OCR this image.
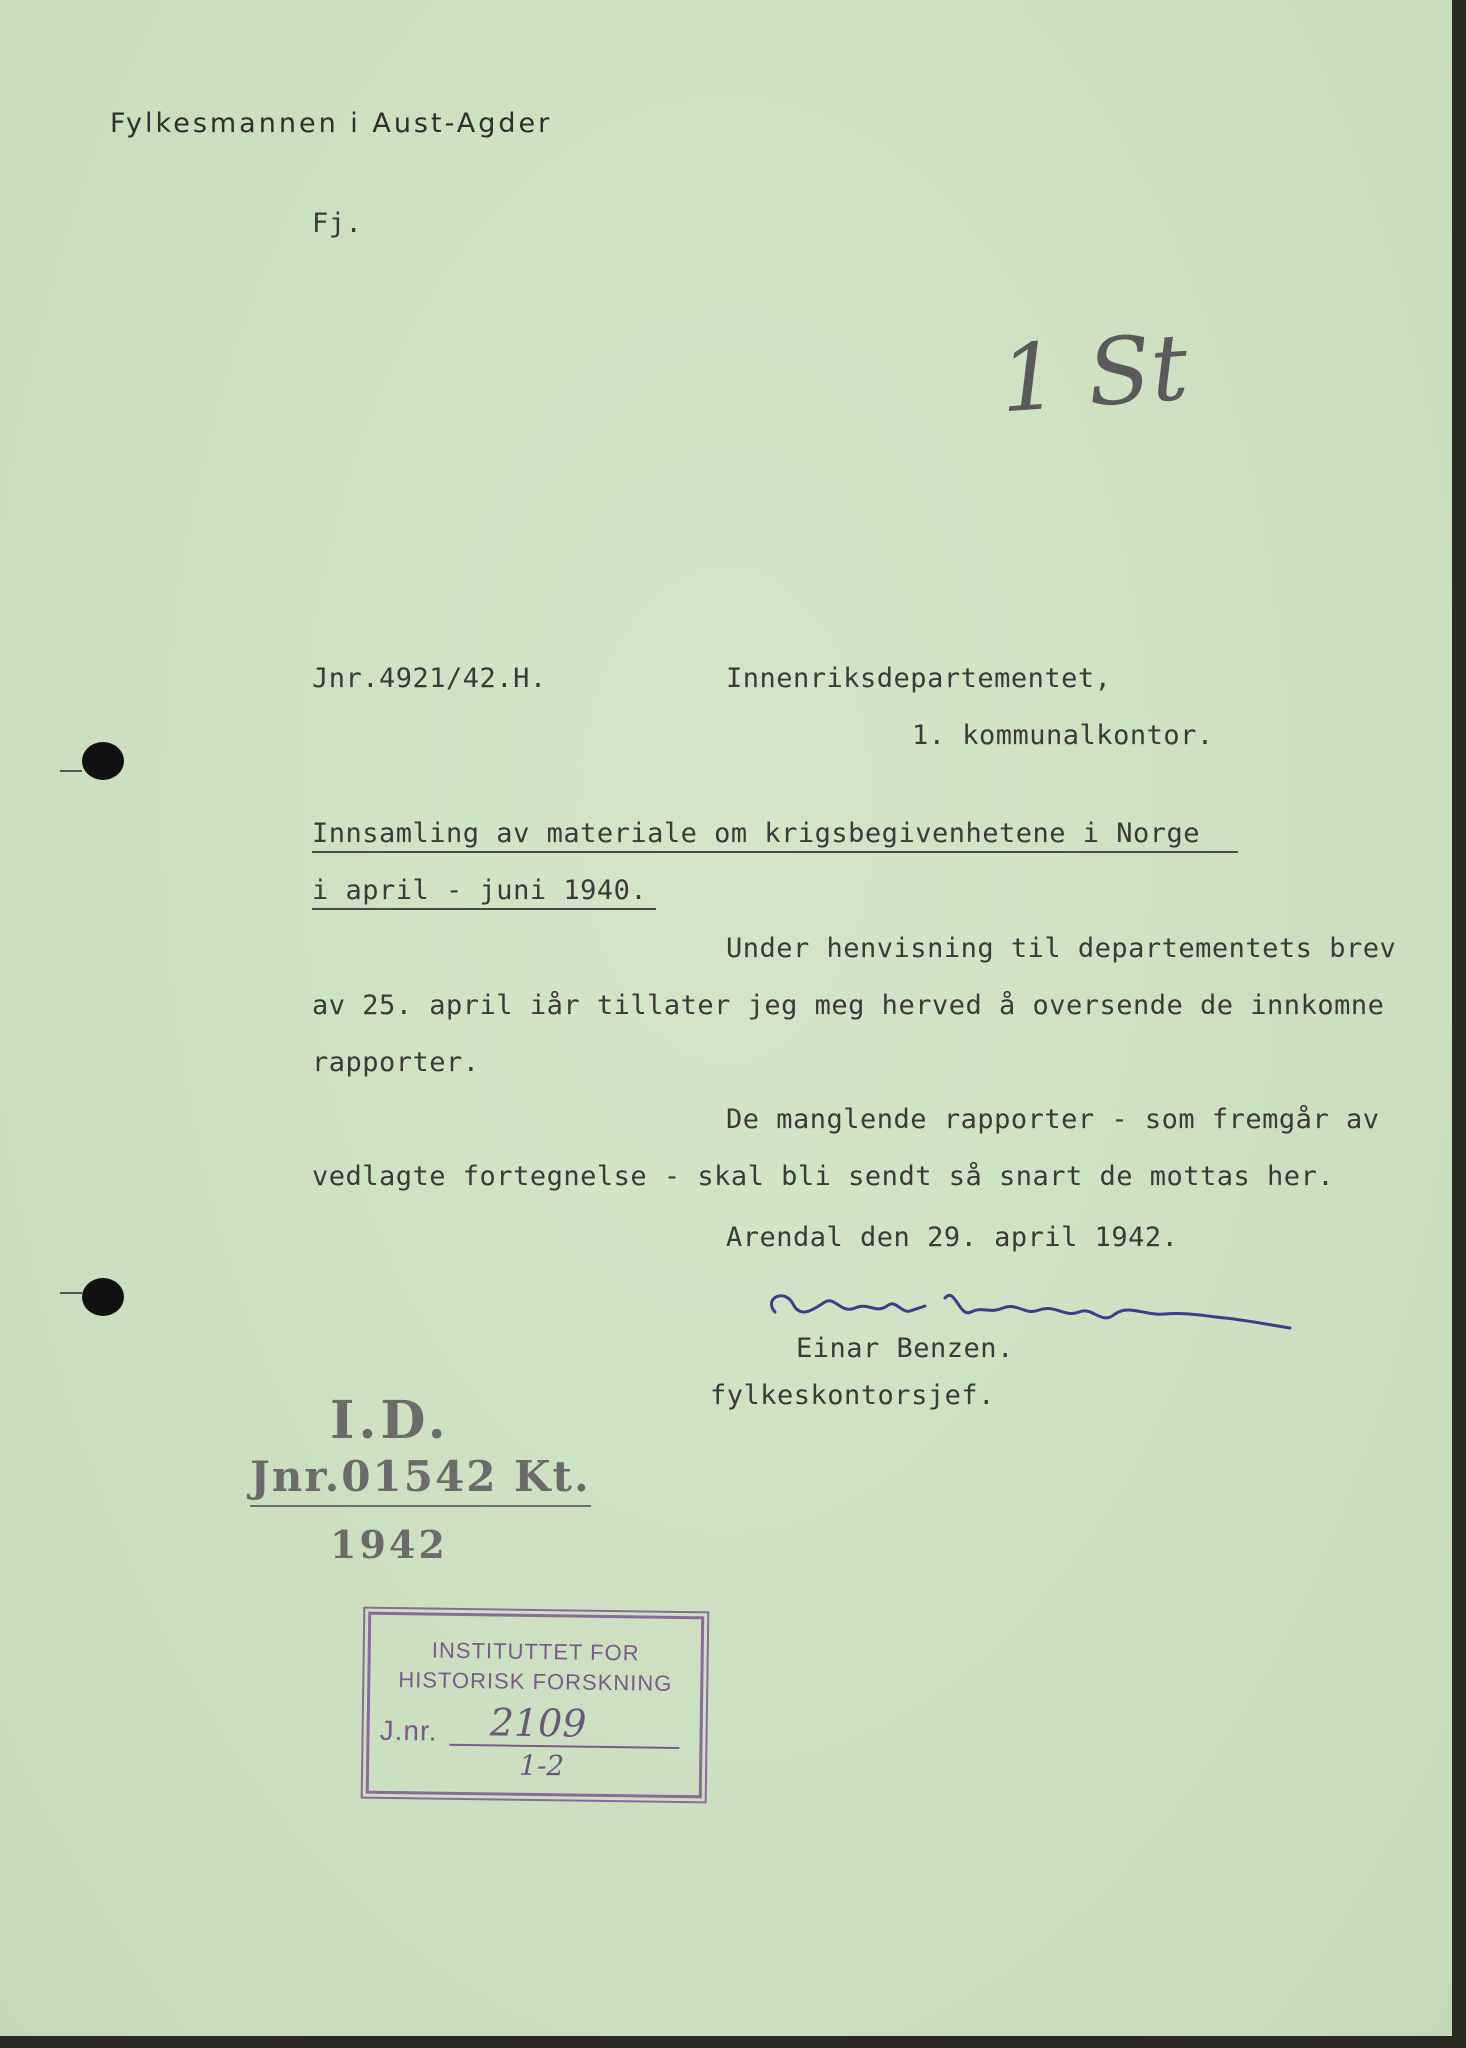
Fylkesmannen i Aust-Agder
Fj.
1 St
Jnr.4921/42.H.	Innenriksdepartementet,
1. kommunalkontor.
Innsamling av materiale om krigsbegivenhetene i Norge
i april - juni 1940.
Under henvisning til departementets brev
av 25. april iår tillater jeg meg herved å oversende de innkomne
rapporter.
De manglende rapporter - som fremgår av
vedlagte fortegnelse - skal bli sendt så snart de mottas her.
Arendal den 29. april 1942.
Einar Benzen.
fylkeskontorsjef.
I.D.
Jnr.01542 Kt.
1942
INSTITUTTET FOR
HISTORISK FORSKNING
J.nr. 2109
1-2
